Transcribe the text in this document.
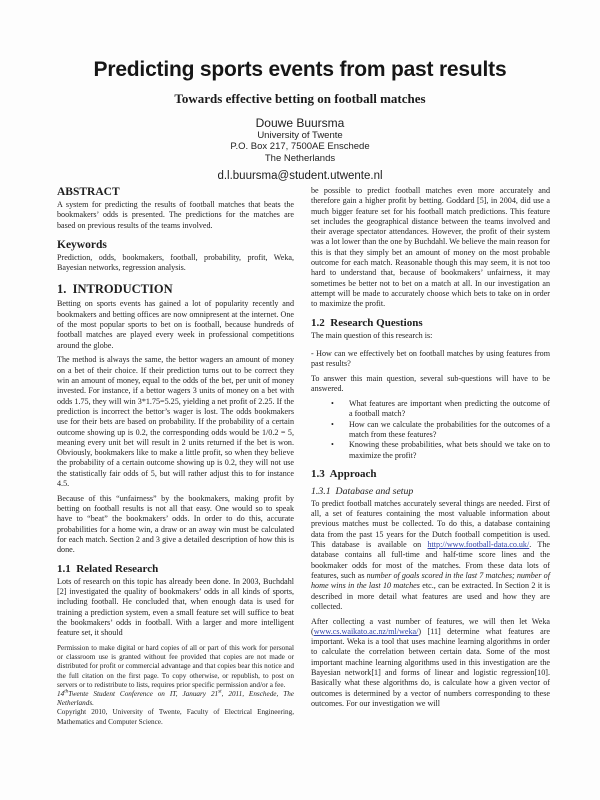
Predicting sports events from past results
Towards effective betting on football matches
Douwe Buursma
University of Twente
P.O. Box 217, 7500AE Enschede
The Netherlands
d.l.buursma@student.utwente.nl
ABSTRACT

A system for predicting the results of football matches that beats the bookmakers’ odds is presented. The predictions for the matches are based on previous results of the teams involved.

Keywords

Prediction, odds, bookmakers, football, probability, profit, Weka, Bayesian networks, regression analysis.

1.  INTRODUCTION

Betting on sports events has gained a lot of popularity recently and bookmakers and betting offices are now omnipresent at the internet. One of the most popular sports to bet on is football, because hundreds of football matches are played every week in professional competitions around the globe.

The method is always the same, the bettor wagers an amount of money on a bet of their choice. If their prediction turns out to be correct they win an amount of money, equal to the odds of the bet, per unit of money invested. For instance, if a bettor wagers 3 units of money on a bet with odds 1.75, they will win 3*1.75=5.25, yielding a net profit of 2.25. If the prediction is incorrect the bettor’s wager is lost. The odds bookmakers use for their bets are based on probability. If the probability of a certain outcome showing up is 0.2, the corresponding odds would be 1/0.2 = 5, meaning every unit bet will result in 2 units returned if the bet is won. Obviously, bookmakers like to make a little profit, so when they believe the probability of a certain outcome showing up is 0.2, they will not use the statistically fair odds of 5, but will rather adjust this to for instance 4.5.

Because of this “unfairness” by the bookmakers, making profit by betting on football results is not all that easy. One would so to speak have to “beat” the bookmakers’ odds. In order to do this, accurate probabilities for a home win, a draw or an away win must be calculated for each match. Section 2 and 3 give a detailed description of how this is done.

1.1  Related Research

Lots of research on this topic has already been done. In 2003, Buchdahl [2] investigated the quality of bookmakers’ odds in all kinds of sports, including football. He concluded that, when enough data is used for training a prediction system, even a small feature set will suffice to beat the bookmakers’ odds in football. With a larger and more intelligent feature set, it should

Permission to make digital or hard copies of all or part of this work for personal or classroom use is granted without fee provided that copies are not made or distributed for profit or commercial advantage and that copies bear this notice and the full citation on the first page. To copy otherwise, or republish, to post on servers or to redistribute to lists, requires prior specific permission and/or a fee.

14thTwente Student Conference on IT, January 21st, 2011, Enschede, The Netherlands.

Copyright 2010, University of Twente, Faculty of Electrical Engineering, Mathematics and Computer Science.

be possible to predict football matches even more accurately and therefore gain a higher profit by betting. Goddard [5], in 2004, did use a much bigger feature set for his football match predictions. This feature set includes the geographical distance between the teams involved and their average spectator attendances. However, the profit of their system was a lot lower than the one by Buchdahl. We believe the main reason for this is that they simply bet an amount of money on the most probable outcome for each match. Reasonable though this may seem, it is not too hard to understand that, because of bookmakers’ unfairness, it may sometimes be better not to bet on a match at all. In our investigation an attempt will be made to accurately choose which bets to take on in order to maximize the profit.

1.2  Research Questions

The main question of this research is:

- How can we effectively bet on football matches by using features from past results?

To answer this main question, several sub-questions will have to be answered.

• What features are important when predicting the outcome of a football match?
• How can we calculate the probabilities for the outcomes of a match from these features?
• Knowing these probabilities, what bets should we take on to maximize the profit?
1.3  Approach
1.3.1  Database and setup

To predict football matches accurately several things are needed. First of all, a set of features containing the most valuable information about previous matches must be collected. To do this, a database containing data from the past 15 years for the Dutch football competition is used. This database is available on http://www.football-data.co.uk/. The database contains all full-time and half-time score lines and the bookmaker odds for most of the matches. From these data lots of features, such as number of goals scored in the last 7 matches; number of home wins in the last 10 matches etc., can be extracted. In Section 2 it is described in more detail what features are used and how they are collected.

After collecting a vast number of features, we will then let Weka (www.cs.waikato.ac.nz/ml/weka/) [11] determine what features are important. Weka is a tool that uses machine learning algorithms in order to calculate the correlation between certain data. Some of the most important machine learning algorithms used in this investigation are the Bayesian network[1] and forms of linear and logistic regression[10]. Basically what these algorithms do, is calculate how a given vector of outcomes is determined by a vector of numbers corresponding to these outcomes. For our investigation we will
